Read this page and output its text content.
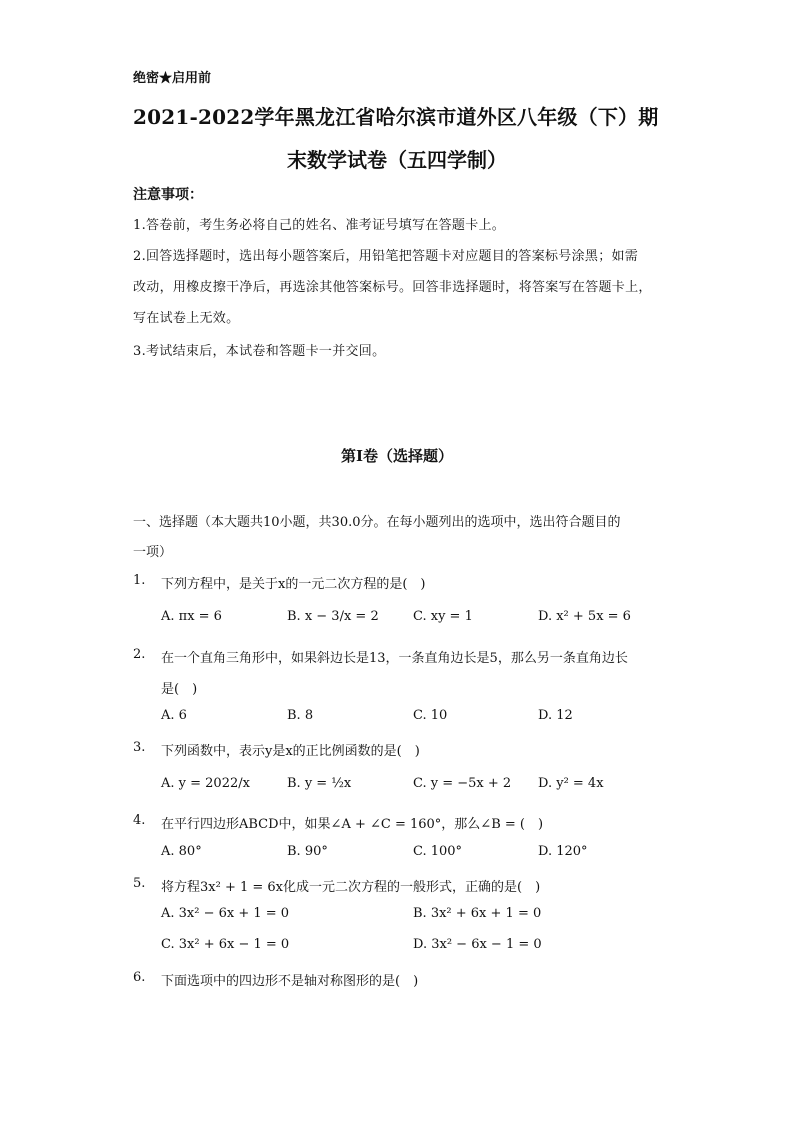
绝密★启用前
2021-2022学年黑龙江省哈尔滨市道外区八年级（下）期
末数学试卷（五四学制）
注意事项：
1.答卷前，考生务必将自己的姓名、准考证号填写在答题卡上。
2.回答选择题时，选出每小题答案后，用铅笔把答题卡对应题目的答案标号涂黑；如需
改动，用橡皮擦干净后，再选涂其他答案标号。回答非选择题时，将答案写在答题卡上，
写在试卷上无效。
3.考试结束后，本试卷和答题卡一并交回。
第I卷（选择题）
一、选择题（本大题共10小题，共30.0分。在每小题列出的选项中，选出符合题目的
一项）
1. 下列方程中，是关于x的一元二次方程的是(　)
A. πx = 6	B. x − 3/x = 2	C. xy = 1	D. x² + 5x = 6
2. 在一个直角三角形中，如果斜边长是13，一条直角边长是5，那么另一条直角边长
是(　)
A. 6	B. 8	C. 10	D. 12
3. 下列函数中，表示y是x的正比例函数的是(　)
A. y = 2022/x	B. y = ½x	C. y = −5x + 2 D. y² = 4x
4. 在平行四边形ABCD中，如果∠A + ∠C = 160°，那么∠B = (　)
A. 80°	B. 90°	C. 100°	D. 120°
5. 将方程3x² + 1 = 6x化成一元二次方程的一般形式，正确的是(　)
A. 3x² − 6x + 1 = 0	B. 3x² + 6x + 1 = 0
C. 3x² + 6x − 1 = 0	D. 3x² − 6x − 1 = 0
6. 下面选项中的四边形不是轴对称图形的是(　)
